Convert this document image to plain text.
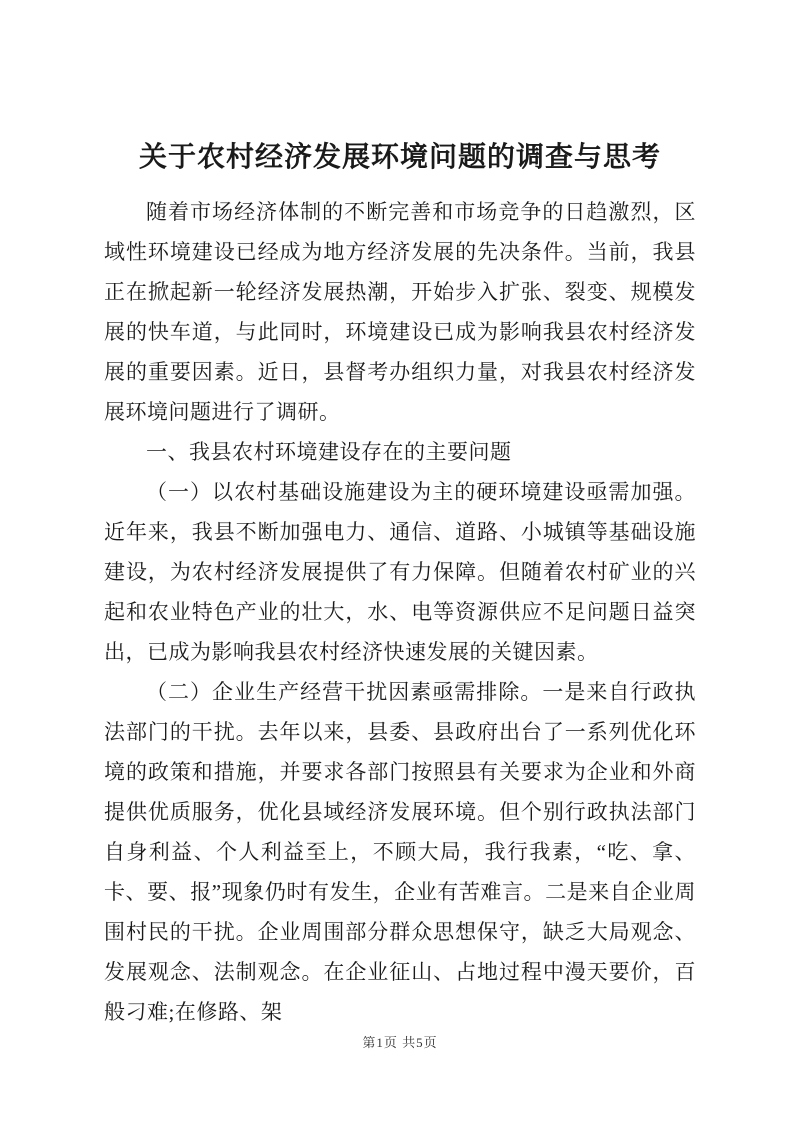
关于农村经济发展环境问题的调查与思考

随着市场经济体制的不断完善和市场竞争的日趋激烈，区域性环境建设已经成为地方经济发展的先决条件。当前，我县正在掀起新一轮经济发展热潮，开始步入扩张、裂变、规模发展的快车道，与此同时，环境建设已成为影响我县农村经济发展的重要因素。近日，县督考办组织力量，对我县农村经济发展环境问题进行了调研。

一、我县农村环境建设存在的主要问题

（一）以农村基础设施建设为主的硬环境建设亟需加强。近年来，我县不断加强电力、通信、道路、小城镇等基础设施建设，为农村经济发展提供了有力保障。但随着农村矿业的兴起和农业特色产业的壮大，水、电等资源供应不足问题日益突出，已成为影响我县农村经济快速发展的关键因素。

（二）企业生产经营干扰因素亟需排除。一是来自行政执法部门的干扰。去年以来，县委、县政府出台了一系列优化环境的政策和措施，并要求各部门按照县有关要求为企业和外商提供优质服务，优化县域经济发展环境。但个别行政执法部门自身利益、个人利益至上，不顾大局，我行我素，“吃、拿、卡、要、报”现象仍时有发生，企业有苦难言。二是来自企业周围村民的干扰。企业周围部分群众思想保守，缺乏大局观念、发展观念、法制观念。在企业征山、占地过程中漫天要价，百般刁难;在修路、架

第1页 共5页
